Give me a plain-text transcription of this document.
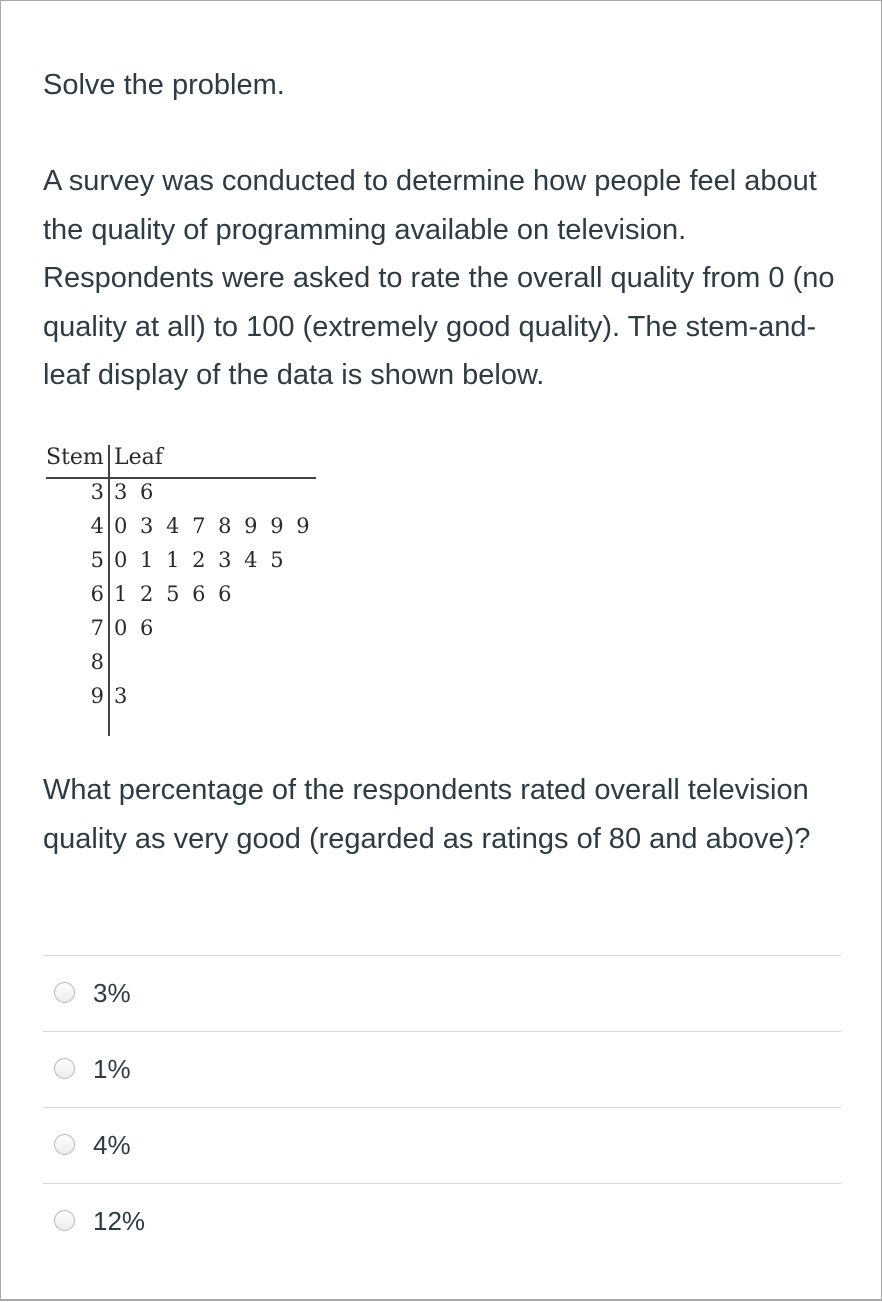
Solve the problem.
A survey was conducted to determine how people feel about the quality of programming available on television. Respondents were asked to rate the overall quality from 0 (no quality at all) to 100 (extremely good quality). The stem-and-leaf display of the data is shown below.
Stem Leaf
3 3 6
4 0 3 4 7 8 9 9 9
5 0 1 1 2 3 4 5
6 1 2 5 6 6
7 0 6
8
9 3
What percentage of the respondents rated overall television quality as very good (regarded as ratings of 80 and above)?
3%
1%
4%
12%
